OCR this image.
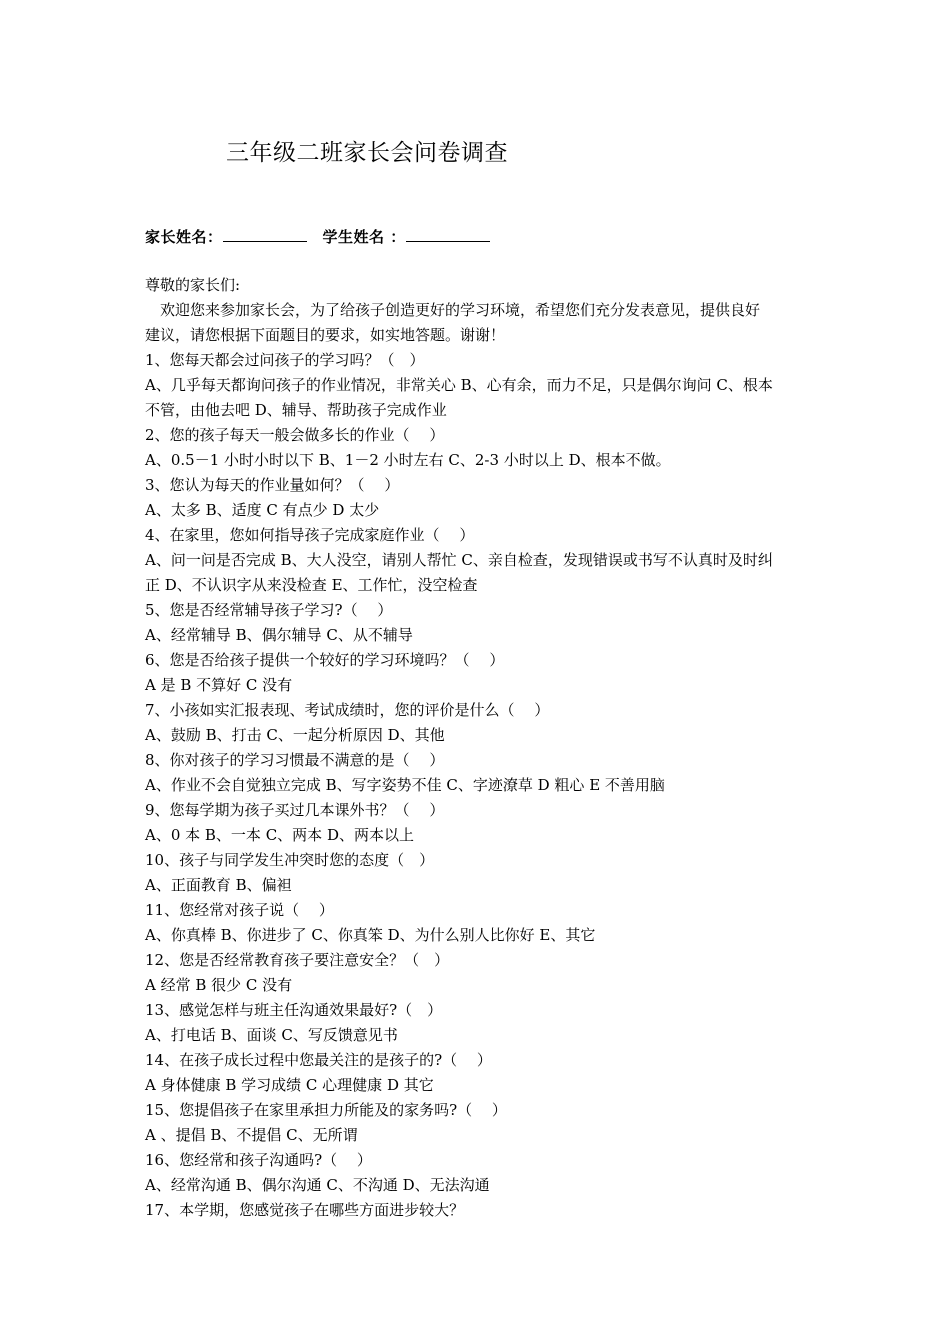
三年级二班家长会问卷调查
家长姓名：	学生姓名 ：
尊敬的家长们:
欢迎您来参加家长会，为了给孩子创造更好的学习环境，希望您们充分发表意见，提供良好
建议，请您根据下面题目的要求，如实地答题。谢谢！
1、您每天都会过问孩子的学习吗？（　）
A、几乎每天都询问孩子的作业情况，非常关心 B、心有余，而力不足，只是偶尔询问 C、根本
不管，由他去吧 D、辅导、帮助孩子完成作业
2、您的孩子每天一般会做多长的作业（　 ）
A、0.5－1 小时小时以下 B、1－2 小时左右 C、2-3 小时以上 D、根本不做。
3、您认为每天的作业量如何？（　 ）
A、太多 B、适度 C 有点少 D 太少
4、在家里，您如何指导孩子完成家庭作业（　 ）
A、问一问是否完成 B、大人没空，请别人帮忙 C、亲自检查，发现错误或书写不认真时及时纠
正 D、不认识字从来没检查 E、工作忙，没空检查
5、您是否经常辅导孩子学习?（　 ）
A、经常辅导 B、偶尔辅导 C、从不辅导
6、您是否给孩子提供一个较好的学习环境吗？（　 ）
A 是 B 不算好 C 没有
7、小孩如实汇报表现、考试成绩时，您的评价是什么（　 ）
A、鼓励 B、打击 C、一起分析原因 D、其他
8、你对孩子的学习习惯最不满意的是（　 ）
A、作业不会自觉独立完成 B、写字姿势不佳 C、字迹潦草 D 粗心 E 不善用脑
9、您每学期为孩子买过几本课外书？（　 ）
A、0 本 B、一本 C、两本 D、两本以上
10、孩子与同学发生冲突时您的态度（　）
A、正面教育 B、偏袒
11、您经常对孩子说（　 ）
A、你真棒 B、你进步了 C、你真笨 D、为什么别人比你好 E、其它
12、您是否经常教育孩子要注意安全？（　）
A 经常 B 很少 C 没有
13、感觉怎样与班主任沟通效果最好?（　）
A、打电话 B、面谈 C、写反馈意见书
14、在孩子成长过程中您最关注的是孩子的?（　 ）
A 身体健康 B 学习成绩 C 心理健康 D 其它
15、您提倡孩子在家里承担力所能及的家务吗?（　 ）
A 、提倡 B、不提倡 C、无所谓
16、您经常和孩子沟通吗?（　 ）
A、经常沟通 B、偶尔沟通 C、不沟通 D、无法沟通
17、本学期，您感觉孩子在哪些方面进步较大？
